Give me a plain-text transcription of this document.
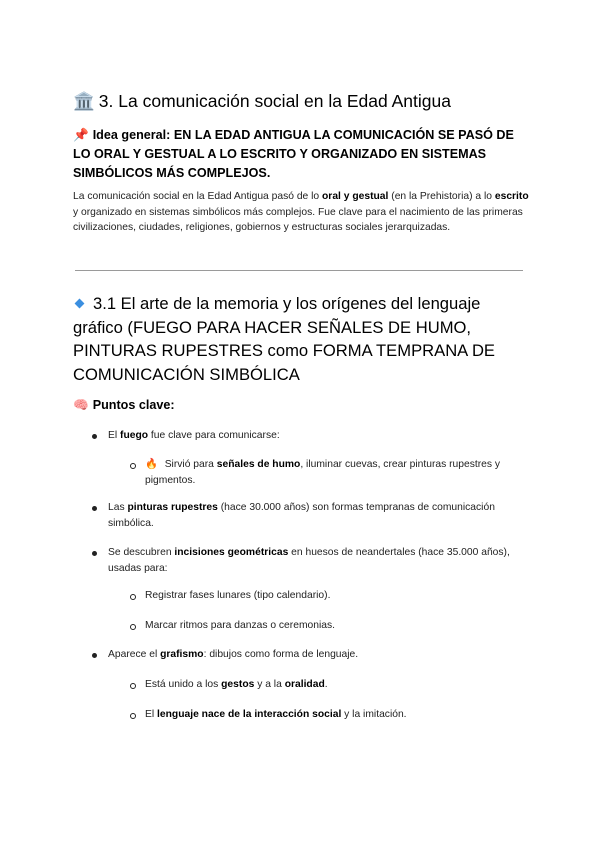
🏛️ 3. La comunicación social en la Edad Antigua
📌 Idea general: EN LA EDAD ANTIGUA LA COMUNICACIÓN SE PASÓ DE LO ORAL Y GESTUAL A LO ESCRITO Y ORGANIZADO EN SISTEMAS SIMBÓLICOS MÁS COMPLEJOS.
La comunicación social en la Edad Antigua pasó de lo oral y gestual (en la Prehistoria) a lo escrito y organizado en sistemas simbólicos más complejos. Fue clave para el nacimiento de las primeras civilizaciones, ciudades, religiones, gobiernos y estructuras sociales jerarquizadas.
3.1 El arte de la memoria y los orígenes del lenguaje gráfico (FUEGO PARA HACER SEÑALES DE HUMO, PINTURAS RUPESTRES como FORMA TEMPRANA DE COMUNICACIÓN SIMBÓLICA
🧠 Puntos clave:
El fuego fue clave para comunicarse:
🔥 Sirvió para señales de humo, iluminar cuevas, crear pinturas rupestres y pigmentos.
Las pinturas rupestres (hace 30.000 años) son formas tempranas de comunicación simbólica.
Se descubren incisiones geométricas en huesos de neandertales (hace 35.000 años), usadas para:
Registrar fases lunares (tipo calendario).
Marcar ritmos para danzas o ceremonias.
Aparece el grafismo: dibujos como forma de lenguaje.
Está unido a los gestos y a la oralidad.
El lenguaje nace de la interacción social y la imitación.
